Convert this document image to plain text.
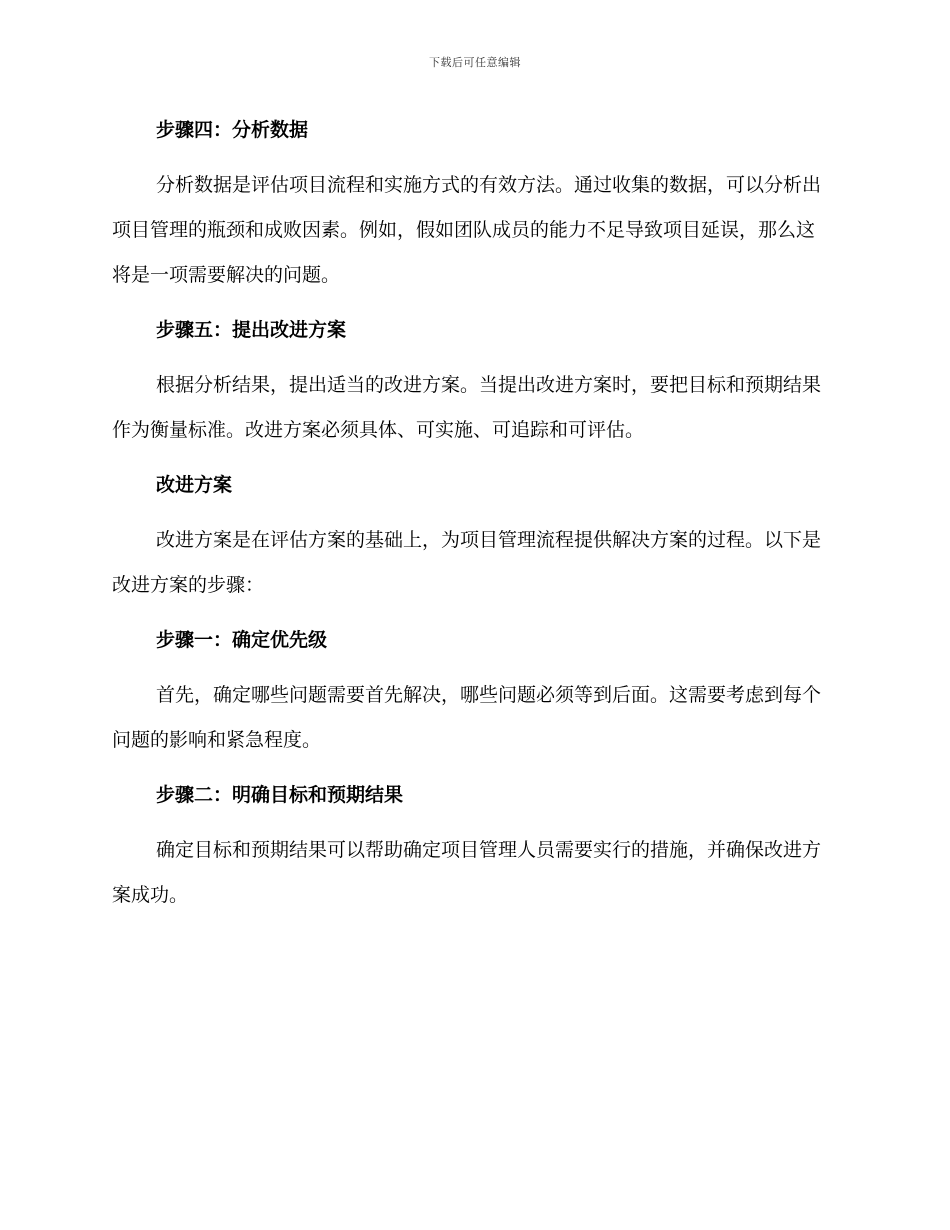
下载后可任意编辑
步骤四：分析数据

分析数据是评估项目流程和实施方式的有效方法。通过收集的数据，可以分析出项目管理的瓶颈和成败因素。例如，假如团队成员的能力不足导致项目延误，那么这将是一项需要解决的问题。

步骤五：提出改进方案

根据分析结果，提出适当的改进方案。当提出改进方案时，要把目标和预期结果作为衡量标准。改进方案必须具体、可实施、可追踪和可评估。

改进方案

改进方案是在评估方案的基础上，为项目管理流程提供解决方案的过程。以下是改进方案的步骤：

步骤一：确定优先级

首先，确定哪些问题需要首先解决，哪些问题必须等到后面。这需要考虑到每个问题的影响和紧急程度。

步骤二：明确目标和预期结果

确定目标和预期结果可以帮助确定项目管理人员需要实行的措施，并确保改进方案成功。
